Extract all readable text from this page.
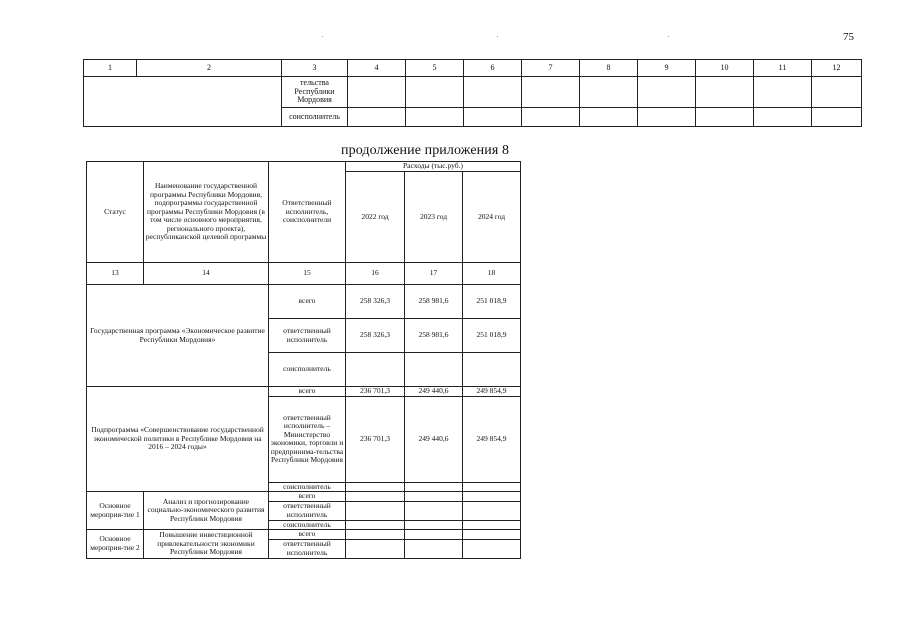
75
1	2	3	4	5	6	7	8	9	10	11	12
		тельства Республики Мордовия									
		соисполнитель									
продолжение приложения 8
Статус	Наименование государственной программы Республики Мордовия, подпрограммы государственной программы Республики Мордовия (в том числе основного мероприятия, регионального проекта), республиканской целевой программы	Ответственный исполнитель, соисполнители	Расходы (тыс.руб.)		
			2022 год	2023 год	2024 год
13	14	15	16	17	18
Государственная программа «Экономическое развитие Республики Мордовия»		всего	258 326,3	258 981,6	251 018,9
		ответственный исполнитель	258 326,3	258 981,6	251 018,9
		соисполнитель			
Подпрограмма «Совершенствование государственной экономической политики в Республике Мордовия на 2016 – 2024 годы»		всего	236 701,3	249 440,6	249 854,9
		ответственный исполнитель – Министерство экономики, торговли и предпринима-тельства Республики Мордовия	236 701,3	249 440,6	249 854,9
		соисполнитель			
Основное мероприя-тие 1	Анализ и прогнозирование социально-экономического развития Республики Мордовия	всего			
		ответственный исполнитель			
		соисполнитель			
Основное мероприя-тие 2	Повышение инвестиционной привлекательности экономики Республики Мордовия	всего			
		ответственный исполнитель			
